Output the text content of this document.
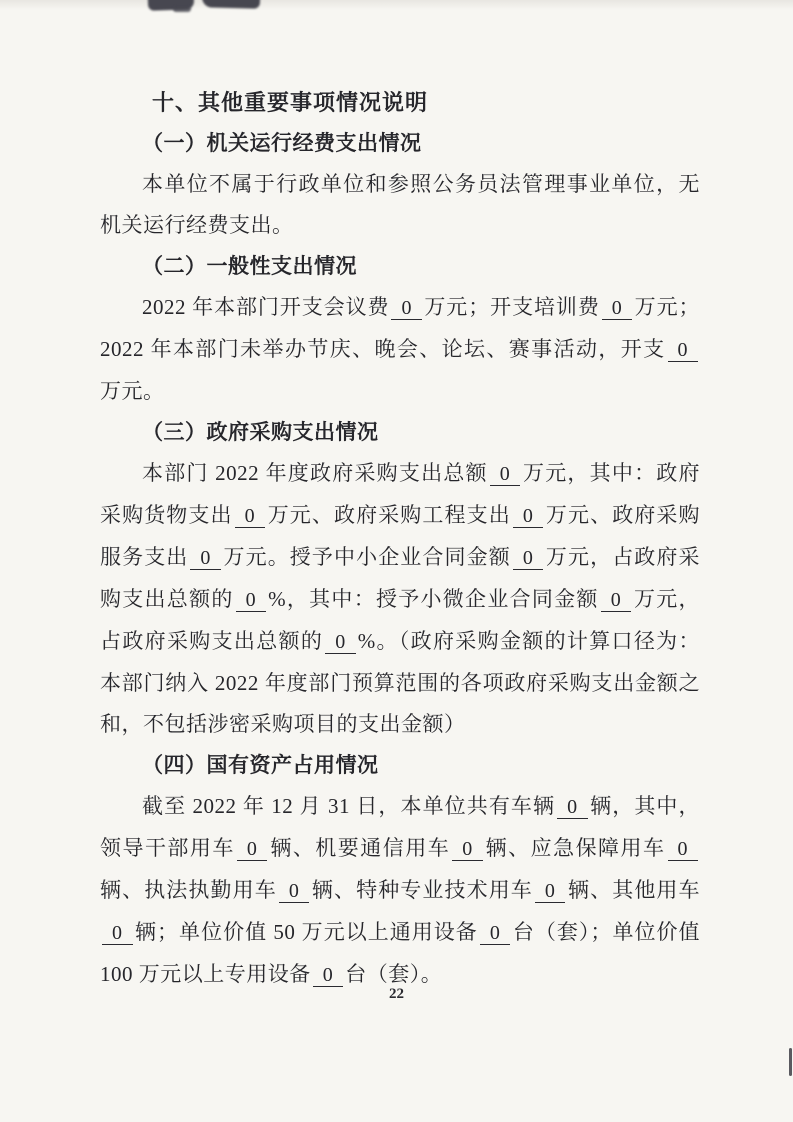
十、其他重要事项情况说明
（一）机关运行经费支出情况

本单位不属于行政单位和参照公务员法管理事业单位，无机关运行经费支出。

（二）一般性支出情况

2022 年本部门开支会议费 0 万元；开支培训费 0 万元；2022 年本部门未举办节庆、晚会、论坛、赛事活动，开支 0万元。

（三）政府采购支出情况

本部门 2022 年度政府采购支出总额 0 万元，其中：政府采购货物支出 0 万元、政府采购工程支出 0 万元、政府采购服务支出 0 万元。授予中小企业合同金额 0 万元，占政府采购支出总额的 0 %，其中：授予小微企业合同金额 0 万元，占政府采购支出总额的 0 %。（政府采购金额的计算口径为：本部门纳入 2022 年度部门预算范围的各项政府采购支出金额之和，不包括涉密采购项目的支出金额）

（四）国有资产占用情况

截至 2022 年 12 月 31 日，本单位共有车辆 0 辆，其中，领导干部用车 0 辆、机要通信用车 0 辆、应急保障用车 0辆、执法执勤用车 0 辆、特种专业技术用车 0 辆、其他用车0 辆；单位价值 50 万元以上通用设备 0 台（套）；单位价值 100 万元以上专用设备 0 台（套）。

22
